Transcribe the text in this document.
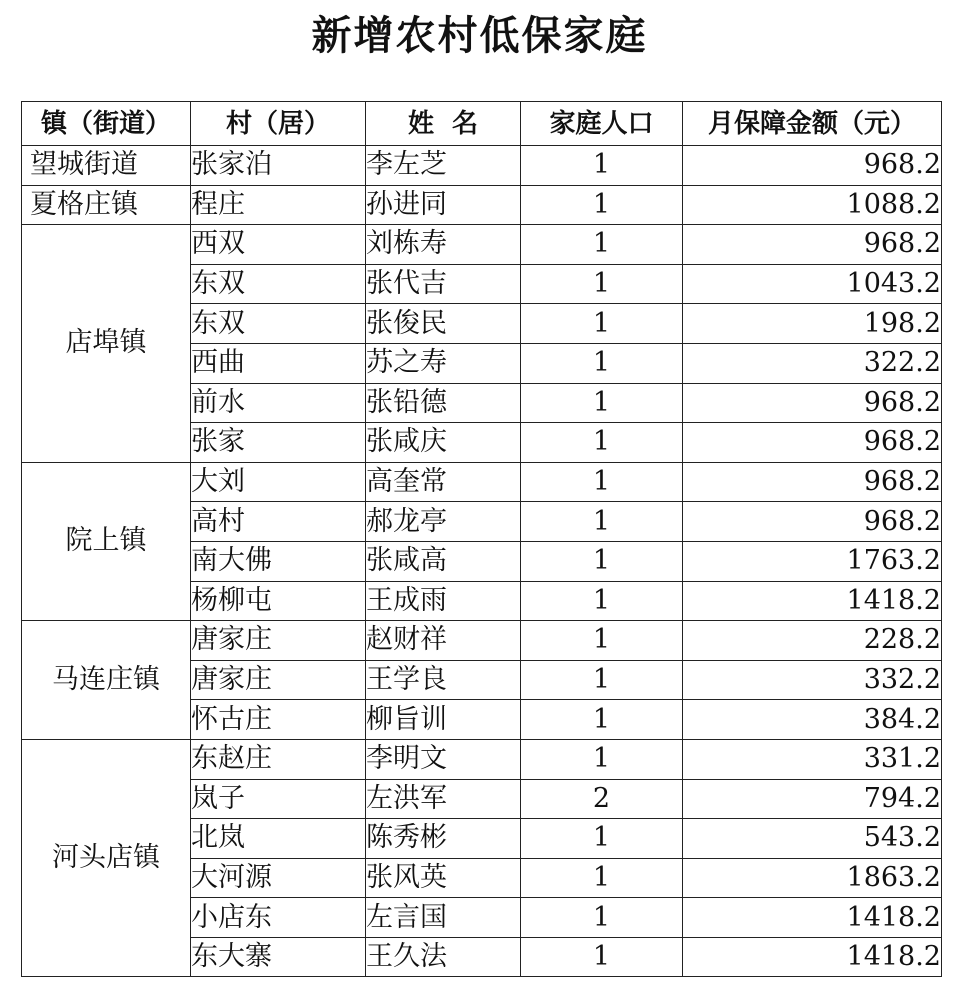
新增农村低保家庭
镇（街道）	村（居）	姓  名	家庭人口	月保障金额（元）
望城街道	张家泊	李左芝	1	968.2
夏格庄镇	程庄	孙进同	1	1088.2
店埠镇	西双	刘栋寿	1	968.2
	东双	张代吉	1	1043.2
	东双	张俊民	1	198.2
	西曲	苏之寿	1	322.2
	前水	张铅德	1	968.2
	张家	张咸庆	1	968.2
院上镇	大刘	高奎常	1	968.2
	高村	郝龙亭	1	968.2
	南大佛	张咸高	1	1763.2
	杨柳屯	王成雨	1	1418.2
马连庄镇	唐家庄	赵财祥	1	228.2
	唐家庄	王学良	1	332.2
	怀古庄	柳旨训	1	384.2
河头店镇	东赵庄	李明文	1	331.2
	岚子	左洪军	2	794.2
	北岚	陈秀彬	1	543.2
	大河源	张风英	1	1863.2
	小店东	左言国	1	1418.2
	东大寨	王久法	1	1418.2
